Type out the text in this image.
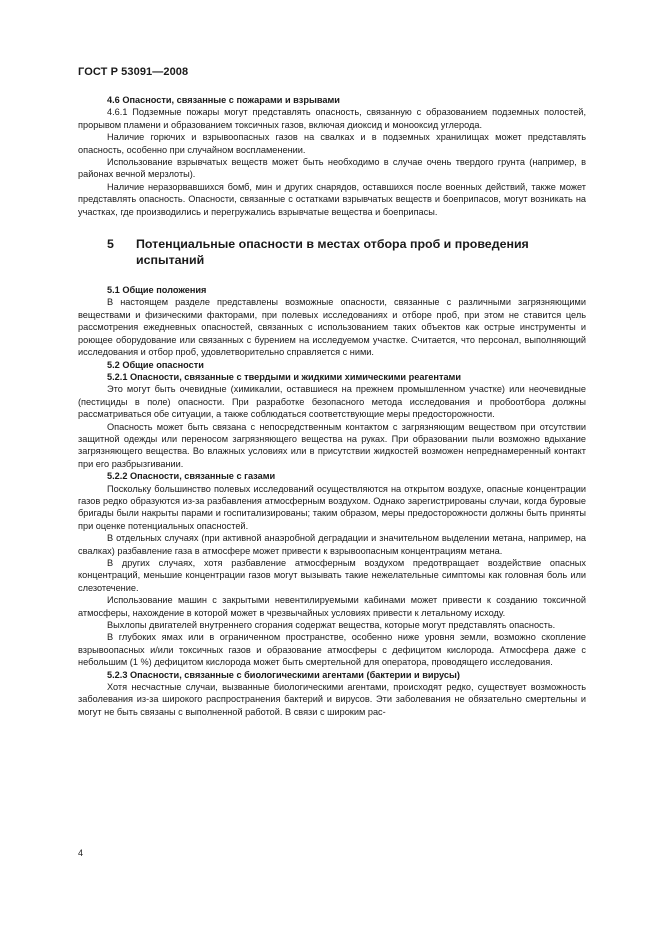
ГОСТ Р 53091—2008

4.6 Опасности, связанные с пожарами и взрывами

4.6.1 Подземные пожары могут представлять опасность, связанную с образованием подземных полостей, прорывом пламени и образованием токсичных газов, включая диоксид и монооксид углерода.

Наличие горючих и взрывоопасных газов на свалках и в подземных хранилищах может представлять опасность, особенно при случайном воспламенении.

Использование взрывчатых веществ может быть необходимо в случае очень твердого грунта (например, в районах вечной мерзлоты).

Наличие неразорвавшихся бомб, мин и других снарядов, оставшихся после военных действий, также может представлять опасность. Опасности, связанные с остатками взрывчатых веществ и боеприпасов, могут возникать на участках, где производились и перегружались взрывчатые вещества и боеприпасы.

5	Потенциальные опасности в местах отбора проб и проведения испытаний

5.1 Общие положения

В настоящем разделе представлены возможные опасности, связанные с различными загрязняющими веществами и физическими факторами, при полевых исследованиях и отборе проб, при этом не ставится цель рассмотрения ежедневных опасностей, связанных с использованием таких объектов как острые инструменты и роющее оборудование или связанных с бурением на исследуемом участке. Считается, что персонал, выполняющий исследования и отбор проб, удовлетворительно справляется с ними.

5.2 Общие опасности

5.2.1 Опасности, связанные с твердыми и жидкими химическими реагентами

Это могут быть очевидные (химикалии, оставшиеся на прежнем промышленном участке) или неочевидные (пестициды в поле) опасности. При разработке безопасного метода исследования и пробоотбора должны рассматриваться обе ситуации, а также соблюдаться соответствующие меры предосторожности.

Опасность может быть связана с непосредственным контактом с загрязняющим веществом при отсутствии защитной одежды или переносом загрязняющего вещества на руках. При образовании пыли возможно вдыхание загрязняющего вещества. Во влажных условиях или в присутствии жидкостей возможен непреднамеренный контакт при его разбрызгивании.

5.2.2 Опасности, связанные с газами

Поскольку большинство полевых исследований осуществляются на открытом воздухе, опасные концентрации газов редко образуются из-за разбавления атмосферным воздухом. Однако зарегистрированы случаи, когда буровые бригады были накрыты парами и госпитализированы; таким образом, меры предосторожности должны быть приняты при оценке потенциальных опасностей.

В отдельных случаях (при активной анаэробной деградации и значительном выделении метана, например, на свалках) разбавление газа в атмосфере может привести к взрывоопасным концентрациям метана.

В других случаях, хотя разбавление атмосферным воздухом предотвращает воздействие опасных концентраций, меньшие концентрации газов могут вызывать такие нежелательные симптомы как головная боль или слезотечение.

Использование машин с закрытыми невентилируемыми кабинами может привести к созданию токсичной атмосферы, нахождение в которой может в чрезвычайных условиях привести к летальному исходу.

Выхлопы двигателей внутреннего сгорания содержат вещества, которые могут представлять опасность.

В глубоких ямах или в ограниченном пространстве, особенно ниже уровня земли, возможно скопление взрывоопасных и/или токсичных газов и образование атмосферы с дефицитом кислорода. Атмосфера даже с небольшим (1 %) дефицитом кислорода может быть смертельной для оператора, проводящего исследования.

5.2.3 Опасности, связанные с биологическими агентами (бактерии и вирусы)

Хотя несчастные случаи, вызванные биологическими агентами, происходят редко, существует возможность заболевания из-за широкого распространения бактерий и вирусов. Эти заболевания не обязательно смертельны и могут не быть связаны с выполненной работой. В связи с широким рас-

4
